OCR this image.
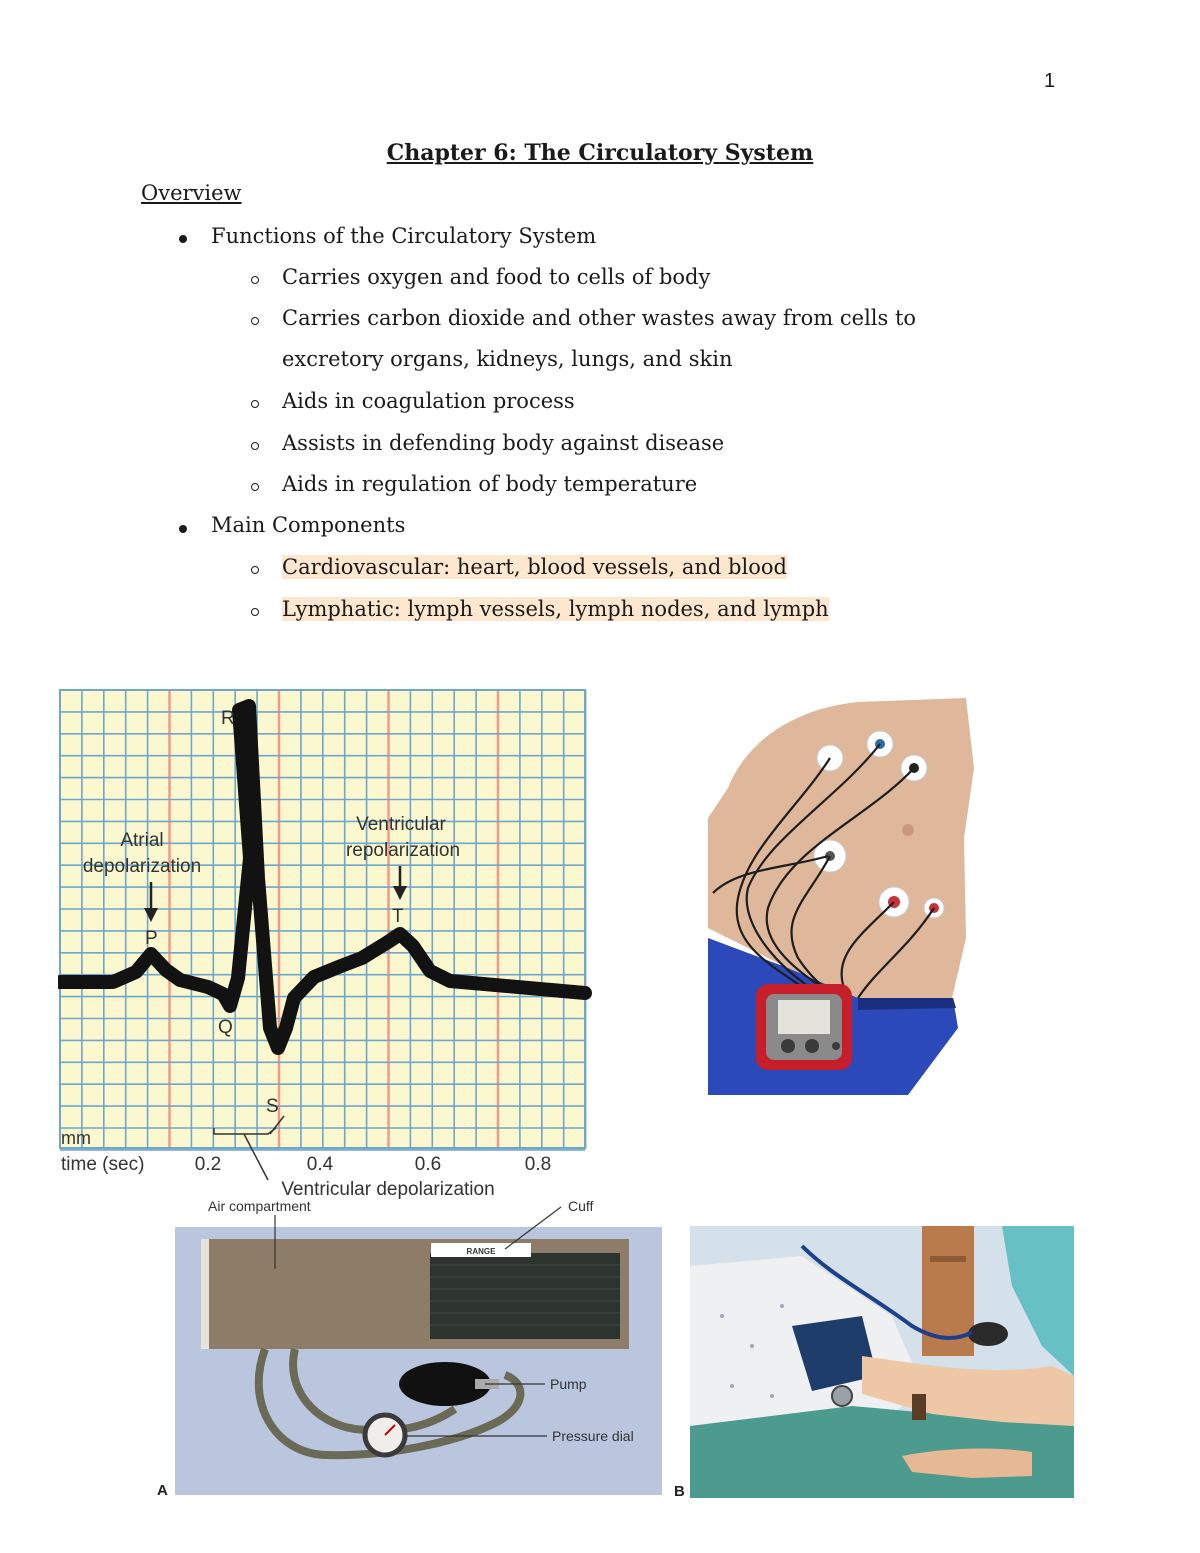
1
Chapter 6: The Circulatory System
Overview
Functions of the Circulatory System
Carries oxygen and food to cells of body
Carries carbon dioxide and other wastes away from cells to
excretory organs, kidneys, lungs, and skin
Aids in coagulation process
Assists in defending body against disease
Aids in regulation of body temperature
Main Components
Cardiovascular: heart, blood vessels, and blood
Lymphatic: lymph vessels, lymph nodes, and lymph
R
P
Q
S
T
Atrial
depolarization
Ventricular
repolarization
mm
time (sec)	0.2	0.4	0.6	0.8
Ventricular depolarization
RANGE
Air compartment	Cuff
Pump
Pressure dial
A	B
